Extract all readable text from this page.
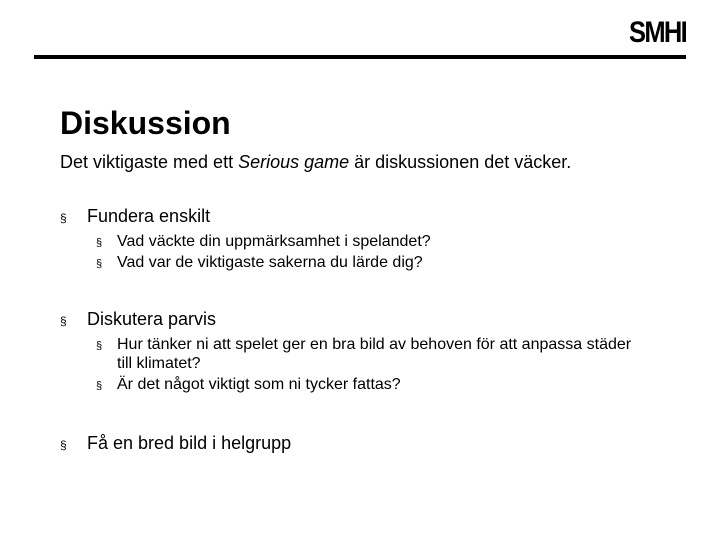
SMHI
Diskussion

Det viktigaste med ett Serious game är diskussionen det väcker.

§	Fundera enskilt
§ Vad väckte din uppmärksamhet i spelandet?
§ Vad var de viktigaste sakerna du lärde dig?
§	Diskutera parvis
§ Hur tänker ni att spelet ger en bra bild av behoven för att anpassa städer till klimatet?
§ Är det något viktigt som ni tycker fattas?
§	Få en bred bild i helgrupp
